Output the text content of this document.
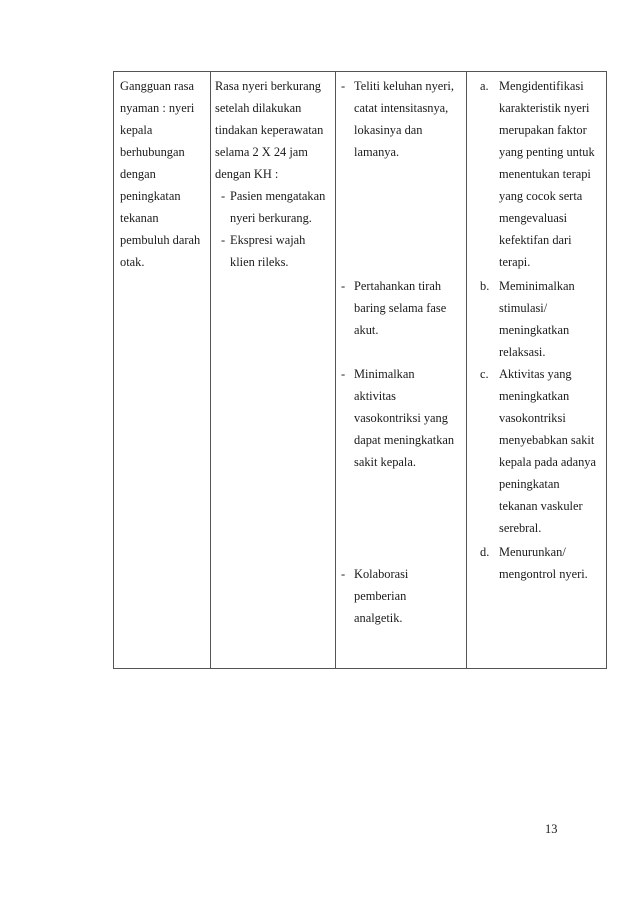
Gangguan rasa
nyaman : nyeri
kepala
berhubungan
dengan
peningkatan
tekanan
pembuluh darah
otak.
Rasa nyeri berkurang
setelah dilakukan
tindakan keperawatan
selama 2 X 24 jam
dengan KH :
- Pasien mengatakan
nyeri berkurang.
- Ekspresi wajah
klien rileks.
- Teliti keluhan nyeri,
catat intensitasnya,
lokasinya dan
lamanya.
- Pertahankan tirah
baring selama fase
akut.
- Minimalkan
aktivitas
vasokontriksi yang
dapat meningkatkan
sakit kepala.
- Kolaborasi
pemberian
analgetik.
a. Mengidentifikasi
karakteristik nyeri
merupakan faktor
yang penting untuk
menentukan terapi
yang cocok serta
mengevaluasi
kefektifan dari
terapi.
b. Meminimalkan
stimulasi/
meningkatkan
relaksasi.
c. Aktivitas yang
meningkatkan
vasokontriksi
menyebabkan sakit
kepala pada adanya
peningkatan
tekanan vaskuler
serebral.
d. Menurunkan/
mengontrol nyeri.
13
